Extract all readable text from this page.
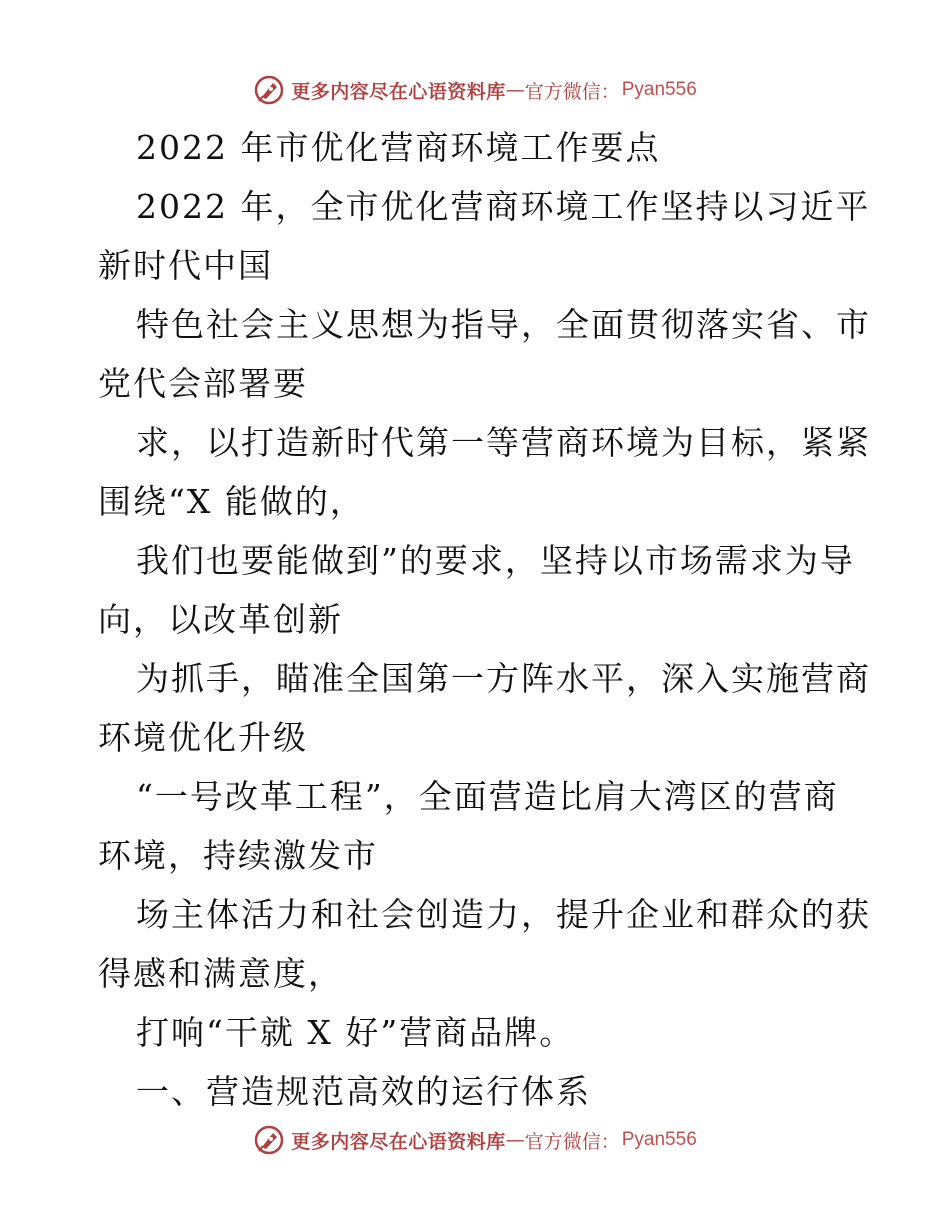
更多内容尽在心语资料库 — 官方微信： Pyan556
2022 年市优化营商环境工作要点
2022 年，全市优化营商环境工作坚持以习近平
新时代中国
特色社会主义思想为指导，全面贯彻落实省、市
党代会部署要
求，以打造新时代第一等营商环境为目标，紧紧
围绕“X 能做的，
我们也要能做到”的要求，坚持以市场需求为导
向，以改革创新
为抓手，瞄准全国第一方阵水平，深入实施营商
环境优化升级
“一号改革工程”，全面营造比肩大湾区的营商
环境，持续激发市
场主体活力和社会创造力，提升企业和群众的获
得感和满意度，
打响“干就 X 好”营商品牌。
一、营造规范高效的运行体系
更多内容尽在心语资料库 — 官方微信： Pyan556
